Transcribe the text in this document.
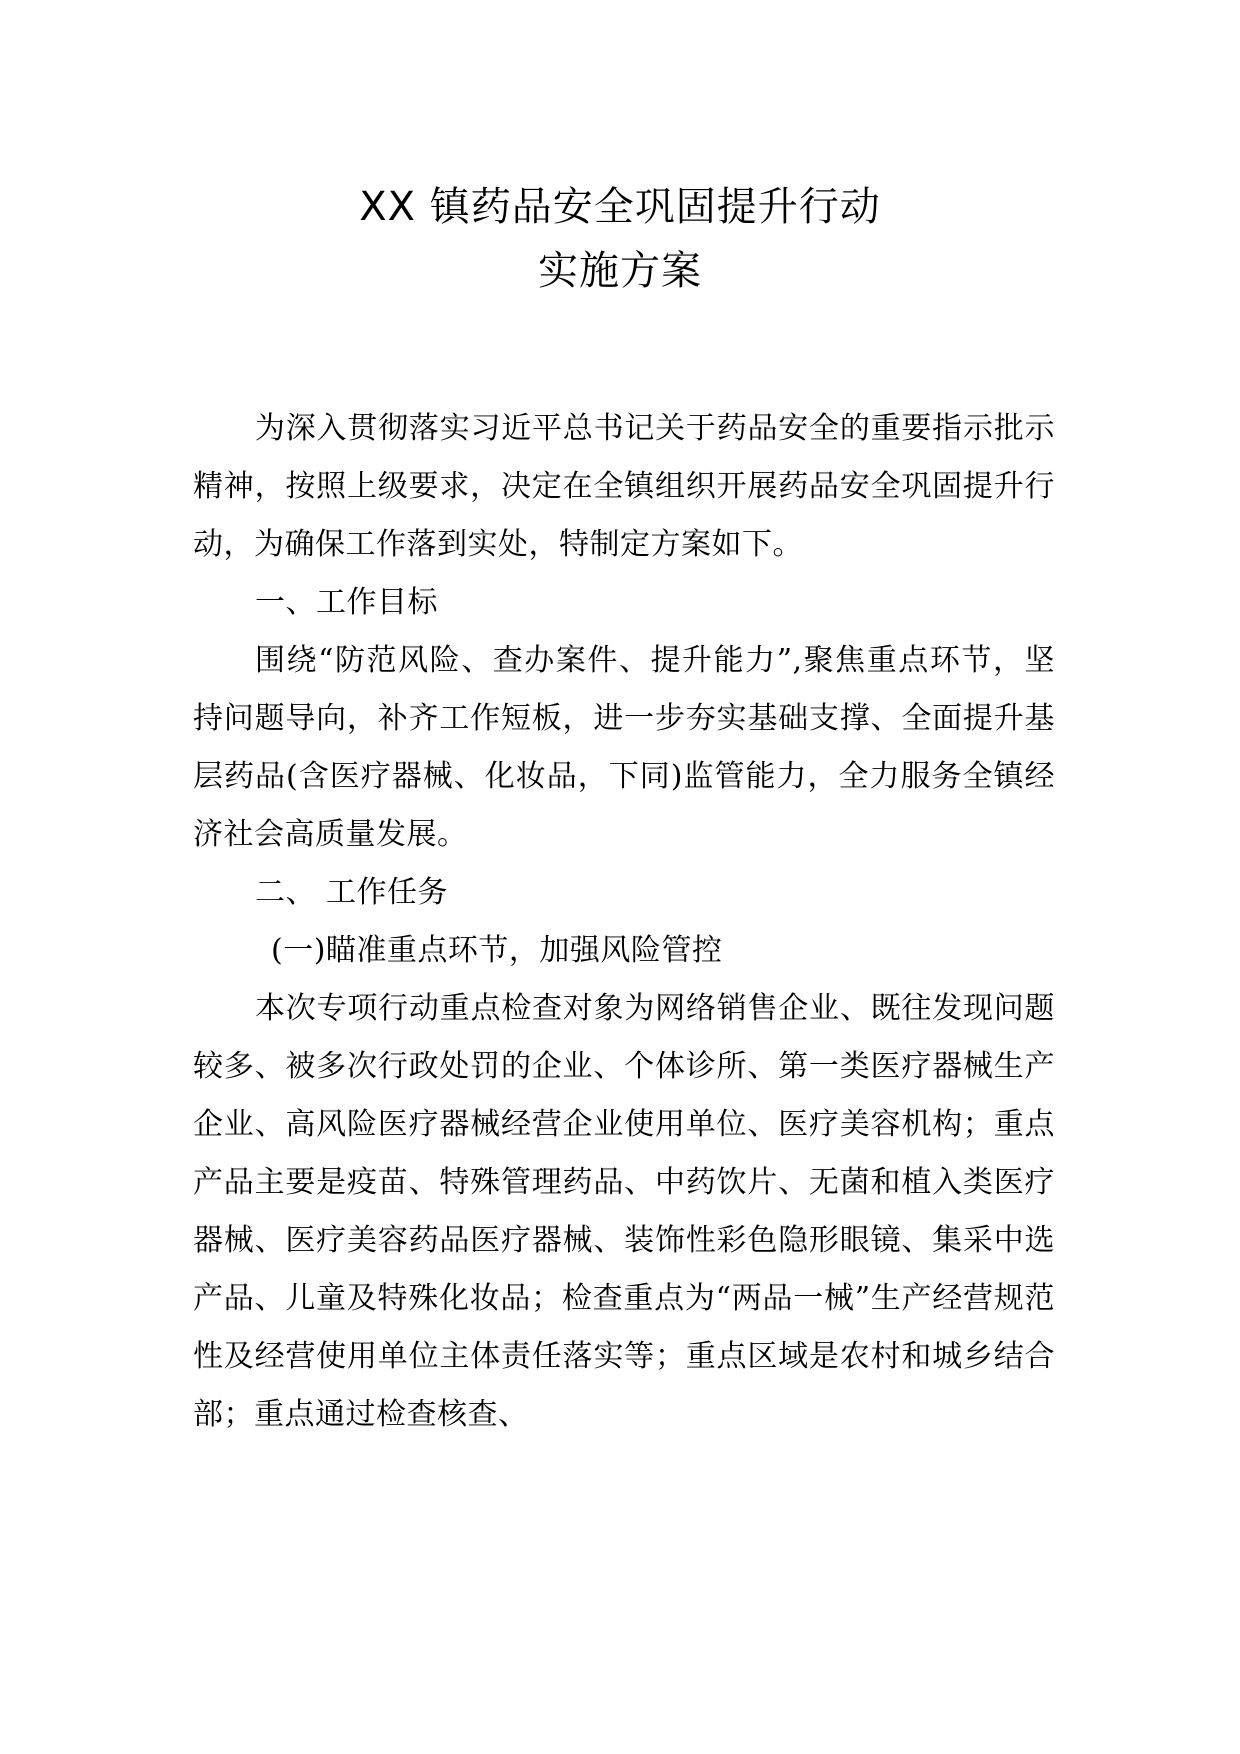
XX 镇药品安全巩固提升行动
实施方案

为深入贯彻落实习近平总书记关于药品安全的重要指示批示精神，按照上级要求，决定在全镇组织开展药品安全巩固提升行动，为确保工作落到实处，特制定方案如下。

一、工作目标

围绕“防范风险、查办案件、提升能力”,聚焦重点环节，坚持问题导向，补齐工作短板，进一步夯实基础支撑、全面提升基层药品(含医疗器械、化妆品，下同)监管能力，全力服务全镇经济社会高质量发展。

二、 工作任务

(一)瞄准重点环节，加强风险管控

本次专项行动重点检查对象为网络销售企业、既往发现问题较多、被多次行政处罚的企业、个体诊所、第一类医疗器械生产企业、高风险医疗器械经营企业使用单位、医疗美容机构；重点产品主要是疫苗、特殊管理药品、中药饮片、无菌和植入类医疗器械、医疗美容药品医疗器械、装饰性彩色隐形眼镜、集采中选产品、儿童及特殊化妆品；检查重点为“两品一械”生产经营规范性及经营使用单位主体责任落实等；重点区域是农村和城乡结合部；重点通过检查核查、
